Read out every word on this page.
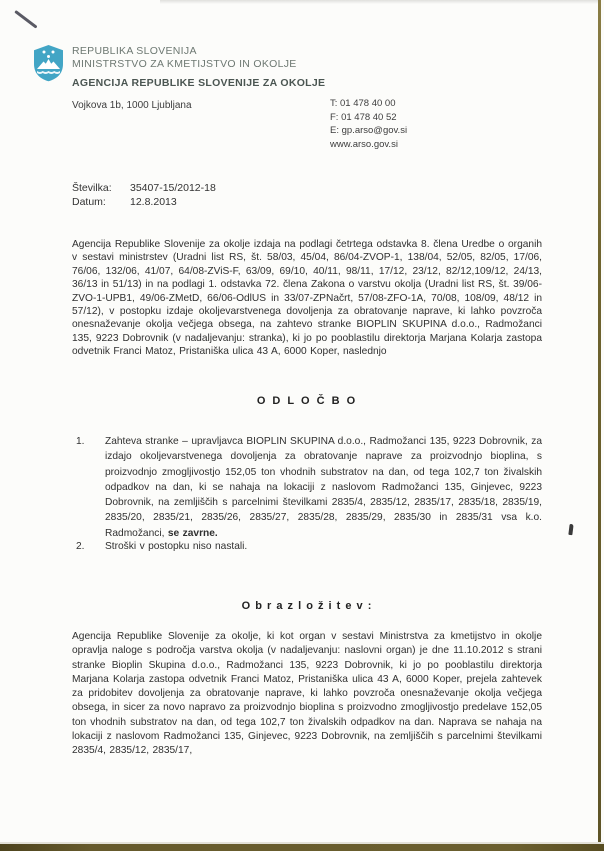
REPUBLIKA SLOVENIJA
MINISTRSTVO ZA KMETIJSTVO IN OKOLJE
AGENCIJA REPUBLIKE SLOVENIJE ZA OKOLJE
Vojkova 1b, 1000 Ljubljana	T: 01 478 40 00
F: 01 478 40 52
E: gp.arso@gov.si
www.arso.gov.si
Številka:	35407-15/2012-18
Datum:	12.8.2013
Agencija Republike Slovenije za okolje izdaja na podlagi četrtega odstavka 8. člena Uredbe o organih v sestavi ministrstev (Uradni list RS, št. 58/03, 45/04, 86/04-ZVOP-1, 138/04, 52/05, 82/05, 17/06, 76/06, 132/06, 41/07, 64/08-ZViS-F, 63/09, 69/10, 40/11, 98/11, 17/12, 23/12, 82/12,109/12, 24/13, 36/13 in 51/13) in na podlagi 1. odstavka 72. člena Zakona o varstvu okolja (Uradni list RS, št. 39/06-ZVO-1-UPB1, 49/06-ZMetD, 66/06-OdlUS in 33/07-ZPNačrt, 57/08-ZFO-1A, 70/08, 108/09, 48/12 in 57/12), v postopku izdaje okoljevarstvenega dovoljenja za obratovanje naprave, ki lahko povzroča onesnaževanje okolja večjega obsega, na zahtevo stranke BIOPLIN SKUPINA d.o.o., Radmožanci 135, 9223 Dobrovnik (v nadaljevanju: stranka), ki jo po pooblastilu direktorja Marjana Kolarja zastopa odvetnik Franci Matoz, Pristaniška ulica 43 A, 6000 Koper, naslednjo
O D L O Č B O
1.	Zahteva stranke – upravljavca BIOPLIN SKUPINA d.o.o., Radmožanci 135, 9223 Dobrovnik, za izdajo okoljevarstvenega dovoljenja za obratovanje naprave za proizvodnjo bioplina, s proizvodnjo zmogljivostjo 152,05 ton vhodnih substratov na dan, od tega 102,7 ton živalskih odpadkov na dan, ki se nahaja na lokaciji z naslovom Radmožanci 135, Ginjevec, 9223 Dobrovnik, na zemljiščih s parcelnimi številkami 2835/4, 2835/12, 2835/17, 2835/18, 2835/19, 2835/20, 2835/21, 2835/26, 2835/27, 2835/28, 2835/29, 2835/30 in 2835/31 vsa k.o. Radmožanci, se zavrne.
2.	Stroški v postopku niso nastali.
O b r a z l o ž i t e v :
Agencija Republike Slovenije za okolje, ki kot organ v sestavi Ministrstva za kmetijstvo in okolje opravlja naloge s področja varstva okolja (v nadaljevanju: naslovni organ) je dne 11.10.2012 s strani stranke Bioplin Skupina d.o.o., Radmožanci 135, 9223 Dobrovnik, ki jo po pooblastilu direktorja Marjana Kolarja zastopa odvetnik Franci Matoz, Pristaniška ulica 43 A, 6000 Koper, prejela zahtevek za pridobitev dovoljenja za obratovanje naprave, ki lahko povzroča onesnaževanje okolja večjega obsega, in sicer za novo napravo za proizvodnjo bioplina s proizvodno zmogljivostjo predelave 152,05 ton vhodnih substratov na dan, od tega 102,7 ton živalskih odpadkov na dan. Naprava se nahaja na lokaciji z naslovom Radmožanci 135, Ginjevec, 9223 Dobrovnik, na zemljiščih s parcelnimi številkami 2835/4, 2835/12, 2835/17,
